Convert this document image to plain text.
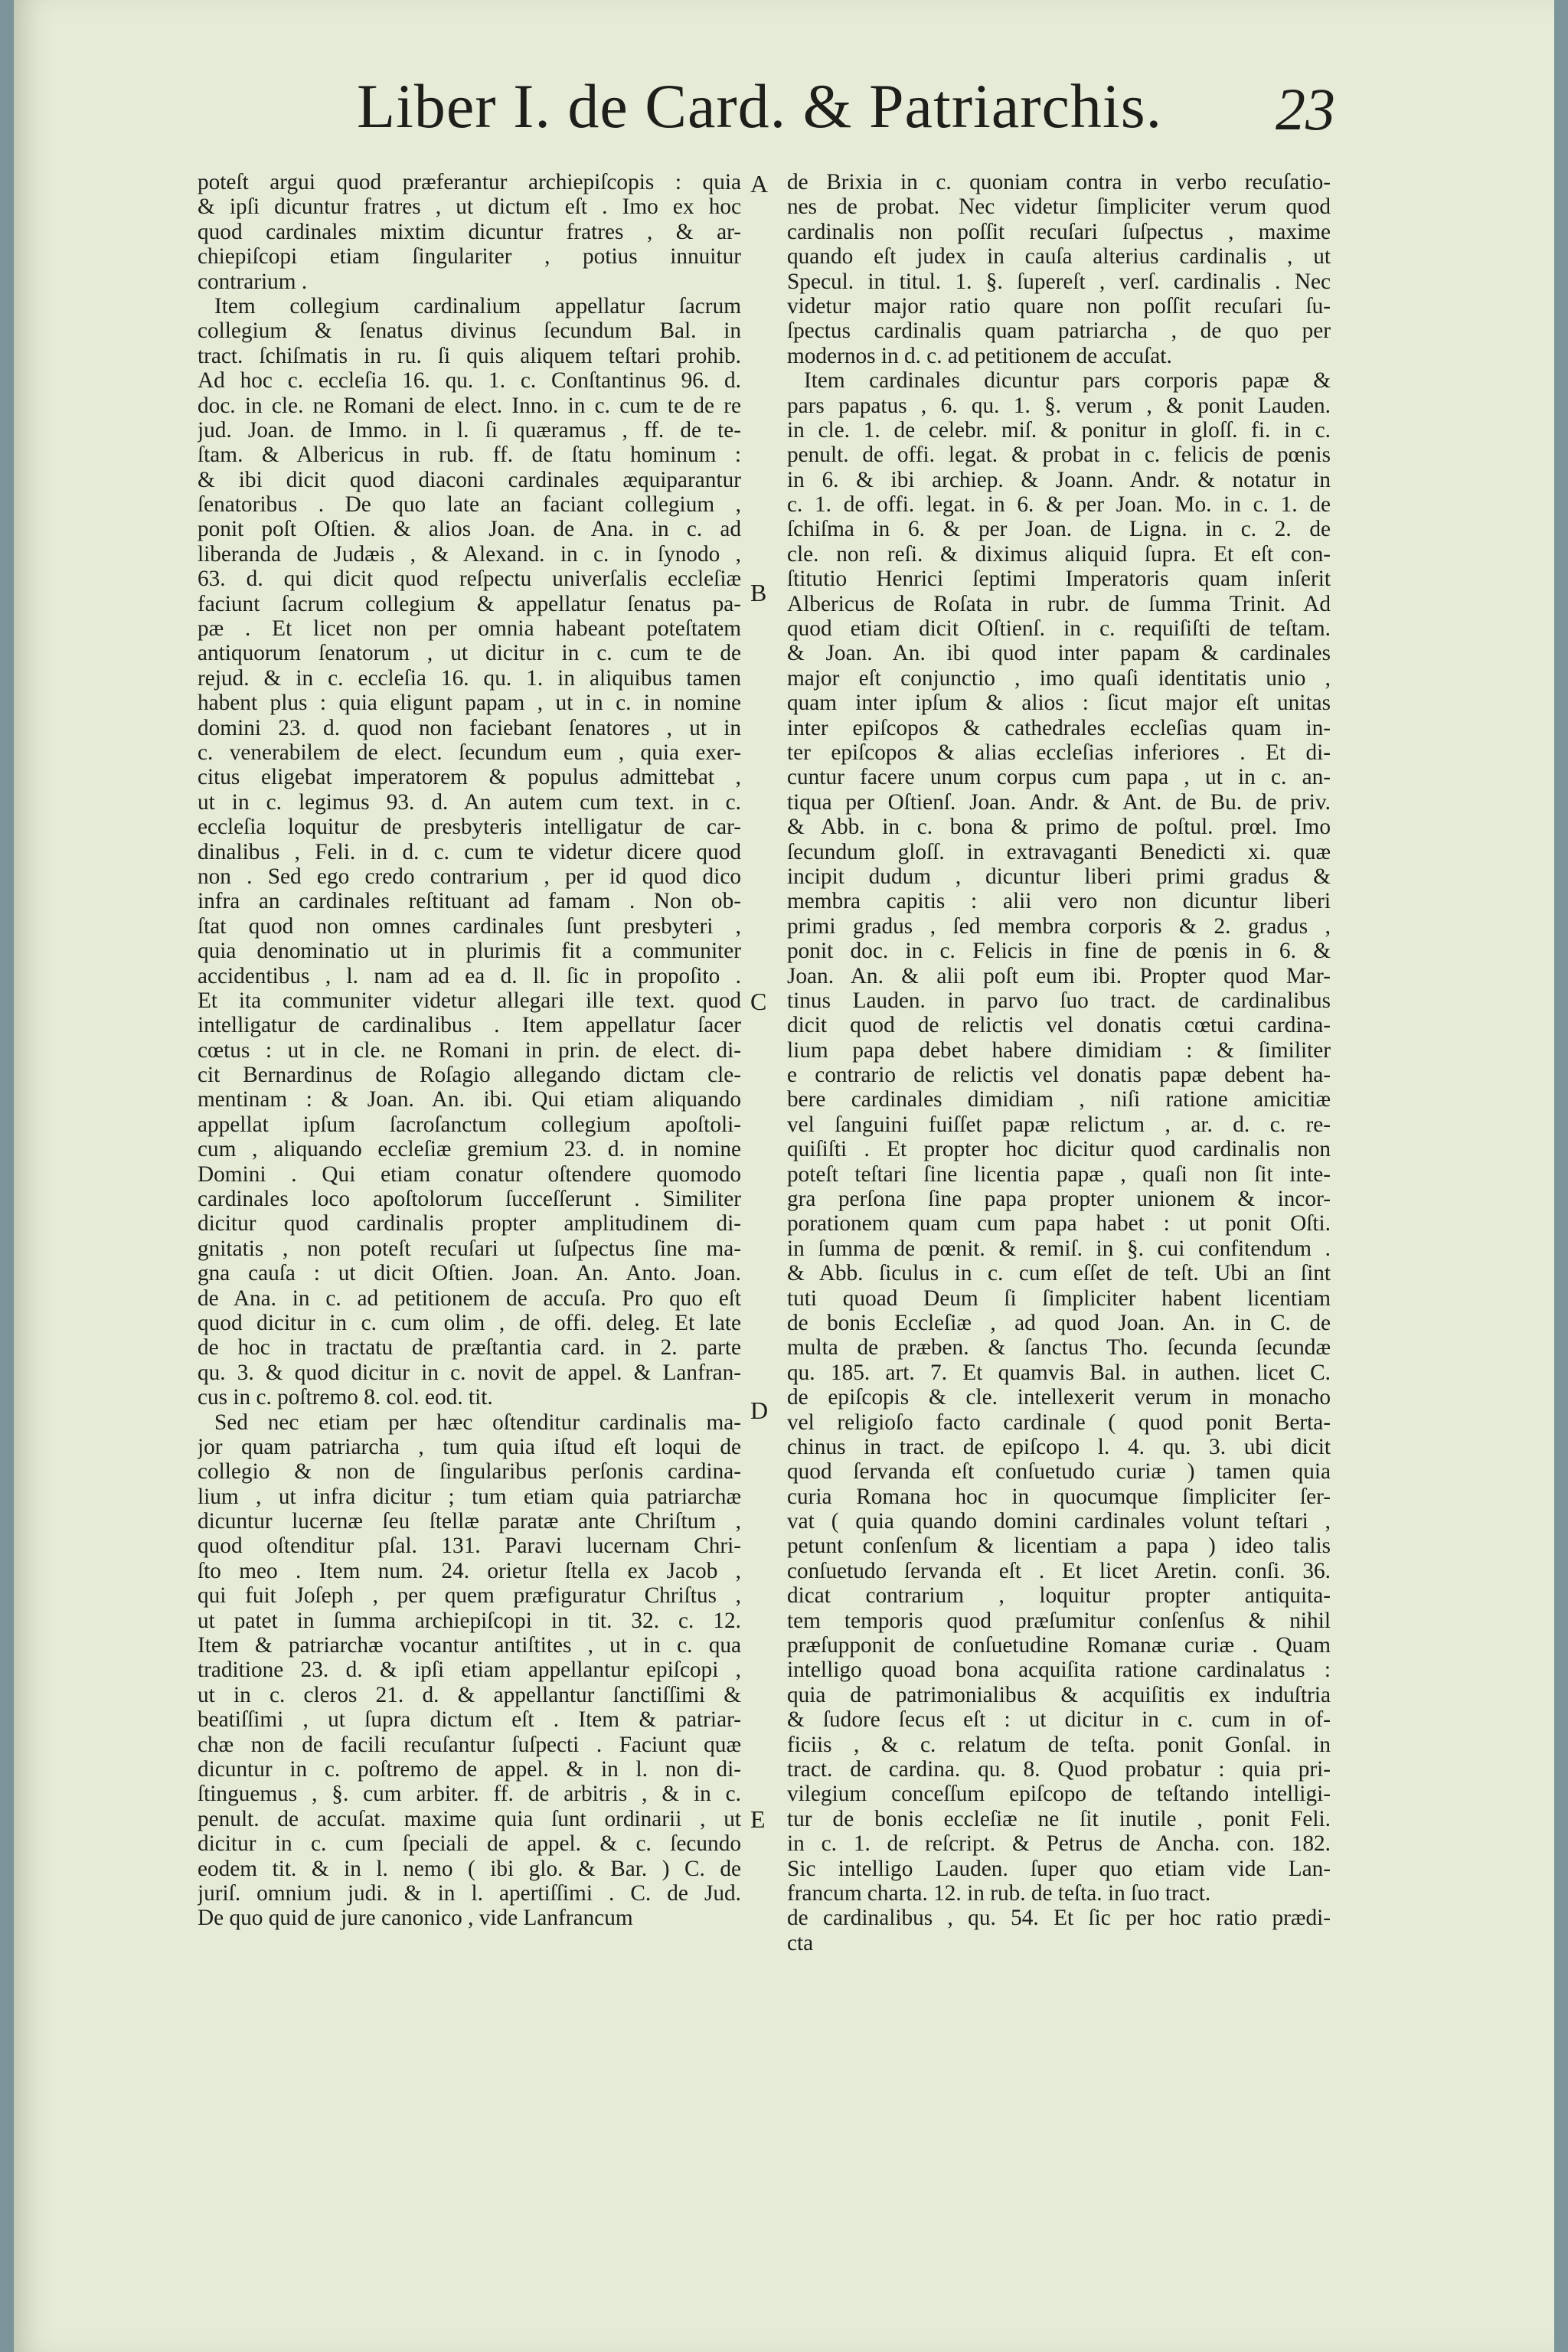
Liber I. de Card. & Patriarchis. 23
A
B
C
D
E
poteſt argui quod præferantur archiepiſcopis : quia
& ipſi dicuntur fratres , ut dictum eſt . Imo ex hoc
quod cardinales mixtim dicuntur fratres , & ar-
chiepiſcopi etiam ſingulariter , potius innuitur
contrarium .
Item collegium cardinalium appellatur ſacrum
collegium & ſenatus divinus ſecundum Bal. in
tract. ſchiſmatis in ru. ſi quis aliquem teſtari prohib.
Ad hoc c. eccleſia 16. qu. 1. c. Conſtantinus 96. d.
doc. in cle. ne Romani de elect. Inno. in c. cum te de re
jud. Joan. de Immo. in l. ſi quæramus , ff. de te-
ſtam. & Albericus in rub. ff. de ſtatu hominum :
& ibi dicit quod diaconi cardinales æquiparantur
ſenatoribus . De quo late an faciant collegium ,
ponit poſt Oſtien. & alios Joan. de Ana. in c. ad
liberanda de Judæis , & Alexand. in c. in ſynodo ,
63. d. qui dicit quod reſpectu univerſalis eccleſiæ
faciunt ſacrum collegium & appellatur ſenatus pa-
pæ . Et licet non per omnia habeant poteſtatem
antiquorum ſenatorum , ut dicitur in c. cum te de
rejud. & in c. eccleſia 16. qu. 1. in aliquibus tamen
habent plus : quia eligunt papam , ut in c. in nomine
domini 23. d. quod non faciebant ſenatores , ut in
c. venerabilem de elect. ſecundum eum , quia exer-
citus eligebat imperatorem & populus admittebat ,
ut in c. legimus 93. d. An autem cum text. in c.
eccleſia loquitur de presbyteris intelligatur de car-
dinalibus , Feli. in d. c. cum te videtur dicere quod
non . Sed ego credo contrarium , per id quod dico
infra an cardinales reſtituant ad famam . Non ob-
ſtat quod non omnes cardinales ſunt presbyteri ,
quia denominatio ut in plurimis fit a communiter
accidentibus , l. nam ad ea d. ll. ſic in propoſito .
Et ita communiter videtur allegari ille text. quod
intelligatur de cardinalibus . Item appellatur ſacer
cœtus : ut in cle. ne Romani in prin. de elect. di-
cit Bernardinus de Roſagio allegando dictam cle-
mentinam : & Joan. An. ibi. Qui etiam aliquando
appellat ipſum ſacroſanctum collegium apoſtoli-
cum , aliquando eccleſiæ gremium 23. d. in nomine
Domini . Qui etiam conatur oſtendere quomodo
cardinales loco apoſtolorum ſucceſſerunt . Similiter
dicitur quod cardinalis propter amplitudinem di-
gnitatis , non poteſt recuſari ut ſuſpectus ſine ma-
gna cauſa : ut dicit Oſtien. Joan. An. Anto. Joan.
de Ana. in c. ad petitionem de accuſa. Pro quo eſt
quod dicitur in c. cum olim , de offi. deleg. Et late
de hoc in tractatu de præſtantia card. in 2. parte
qu. 3. & quod dicitur in c. novit de appel. & Lanfran-
cus in c. poſtremo 8. col. eod. tit.
Sed nec etiam per hæc oſtenditur cardinalis ma-
jor quam patriarcha , tum quia iſtud eſt loqui de
collegio & non de ſingularibus perſonis cardina-
lium , ut infra dicitur ; tum etiam quia patriarchæ
dicuntur lucernæ ſeu ſtellæ paratæ ante Chriſtum ,
quod oſtenditur pſal. 131. Paravi lucernam Chri-
ſto meo . Item num. 24. orietur ſtella ex Jacob ,
qui fuit Joſeph , per quem præfiguratur Chriſtus ,
ut patet in ſumma archiepiſcopi in tit. 32. c. 12.
Item & patriarchæ vocantur antiſtites , ut in c. qua
traditione 23. d. & ipſi etiam appellantur epiſcopi ,
ut in c. cleros 21. d. & appellantur ſanctiſſimi &
beatiſſimi , ut ſupra dictum eſt . Item & patriar-
chæ non de facili recuſantur ſuſpecti . Faciunt quæ
dicuntur in c. poſtremo de appel. & in l. non di-
ſtinguemus , §. cum arbiter. ff. de arbitris , & in c.
penult. de accuſat. maxime quia ſunt ordinarii , ut
dicitur in c. cum ſpeciali de appel. & c. ſecundo
eodem tit. & in l. nemo ( ibi glo. & Bar. ) C. de
juriſ. omnium judi. & in l. apertiſſimi . C. de Jud.
De quo quid de jure canonico , vide Lanfrancum
de Brixia in c. quoniam contra in verbo recuſatio-
nes de probat. Nec videtur ſimpliciter verum quod
cardinalis non poſſit recuſari ſuſpectus , maxime
quando eſt judex in cauſa alterius cardinalis , ut
Specul. in titul. 1. §. ſupereſt , verſ. cardinalis . Nec
videtur major ratio quare non poſſit recuſari ſu-
ſpectus cardinalis quam patriarcha , de quo per
modernos in d. c. ad petitionem de accuſat.
Item cardinales dicuntur pars corporis papæ &
pars papatus , 6. qu. 1. §. verum , & ponit Lauden.
in cle. 1. de celebr. miſ. & ponitur in gloſſ. fi. in c.
penult. de offi. legat. & probat in c. felicis de pœnis
in 6. & ibi archiep. & Joann. Andr. & notatur in
c. 1. de offi. legat. in 6. & per Joan. Mo. in c. 1. de
ſchiſma in 6. & per Joan. de Ligna. in c. 2. de
cle. non reſi. & diximus aliquid ſupra. Et eſt con-
ſtitutio Henrici ſeptimi Imperatoris quam inſerit
Albericus de Roſata in rubr. de ſumma Trinit. Ad
quod etiam dicit Oſtienſ. in c. requiſiſti de teſtam.
& Joan. An. ibi quod inter papam & cardinales
major eſt conjunctio , imo quaſi identitatis unio ,
quam inter ipſum & alios : ſicut major eſt unitas
inter epiſcopos & cathedrales eccleſias quam in-
ter epiſcopos & alias eccleſias inferiores . Et di-
cuntur facere unum corpus cum papa , ut in c. an-
tiqua per Oſtienſ. Joan. Andr. & Ant. de Bu. de priv.
& Abb. in c. bona & primo de poſtul. prœl. Imo
ſecundum gloſſ. in extravaganti Benedicti xi. quæ
incipit dudum , dicuntur liberi primi gradus &
membra capitis : alii vero non dicuntur liberi
primi gradus , ſed membra corporis & 2. gradus ,
ponit doc. in c. Felicis in fine de pœnis in 6. &
Joan. An. & alii poſt eum ibi. Propter quod Mar-
tinus Lauden. in parvo ſuo tract. de cardinalibus
dicit quod de relictis vel donatis cœtui cardina-
lium papa debet habere dimidiam : & ſimiliter
e contrario de relictis vel donatis papæ debent ha-
bere cardinales dimidiam , niſi ratione amicitiæ
vel ſanguini fuiſſet papæ relictum , ar. d. c. re-
quiſiſti . Et propter hoc dicitur quod cardinalis non
poteſt teſtari ſine licentia papæ , quaſi non ſit inte-
gra perſona ſine papa propter unionem & incor-
porationem quam cum papa habet : ut ponit Oſti.
in ſumma de pœnit. & remiſ. in §. cui confitendum .
& Abb. ſiculus in c. cum eſſet de teſt. Ubi an ſint
tuti quoad Deum ſi ſimpliciter habent licentiam
de bonis Eccleſiæ , ad quod Joan. An. in C. de
multa de præben. & ſanctus Tho. ſecunda ſecundæ
qu. 185. art. 7. Et quamvis Bal. in authen. licet C.
de epiſcopis & cle. intellexerit verum in monacho
vel religioſo facto cardinale ( quod ponit Berta-
chinus in tract. de epiſcopo l. 4. qu. 3. ubi dicit
quod ſervanda eſt conſuetudo curiæ ) tamen quia
curia Romana hoc in quocumque ſimpliciter ſer-
vat ( quia quando domini cardinales volunt teſtari ,
petunt conſenſum & licentiam a papa ) ideo talis
conſuetudo ſervanda eſt . Et licet Aretin. conſi. 36.
dicat contrarium , loquitur propter antiquita-
tem temporis quod præſumitur conſenſus & nihil
præſupponit de conſuetudine Romanæ curiæ . Quam
intelligo quoad bona acquiſita ratione cardinalatus :
quia de patrimonialibus & acquiſitis ex induſtria
& ſudore ſecus eſt : ut dicitur in c. cum in of-
ficiis , & c. relatum de teſta. ponit Gonſal. in
tract. de cardina. qu. 8. Quod probatur : quia pri-
vilegium conceſſum epiſcopo de teſtando intelligi-
tur de bonis eccleſiæ ne ſit inutile , ponit Feli.
in c. 1. de reſcript. & Petrus de Ancha. con. 182.
Sic intelligo Lauden. ſuper quo etiam vide Lan-
francum charta. 12. in rub. de teſta. in ſuo tract.
de cardinalibus , qu. 54. Et ſic per hoc ratio prædi-
cta
